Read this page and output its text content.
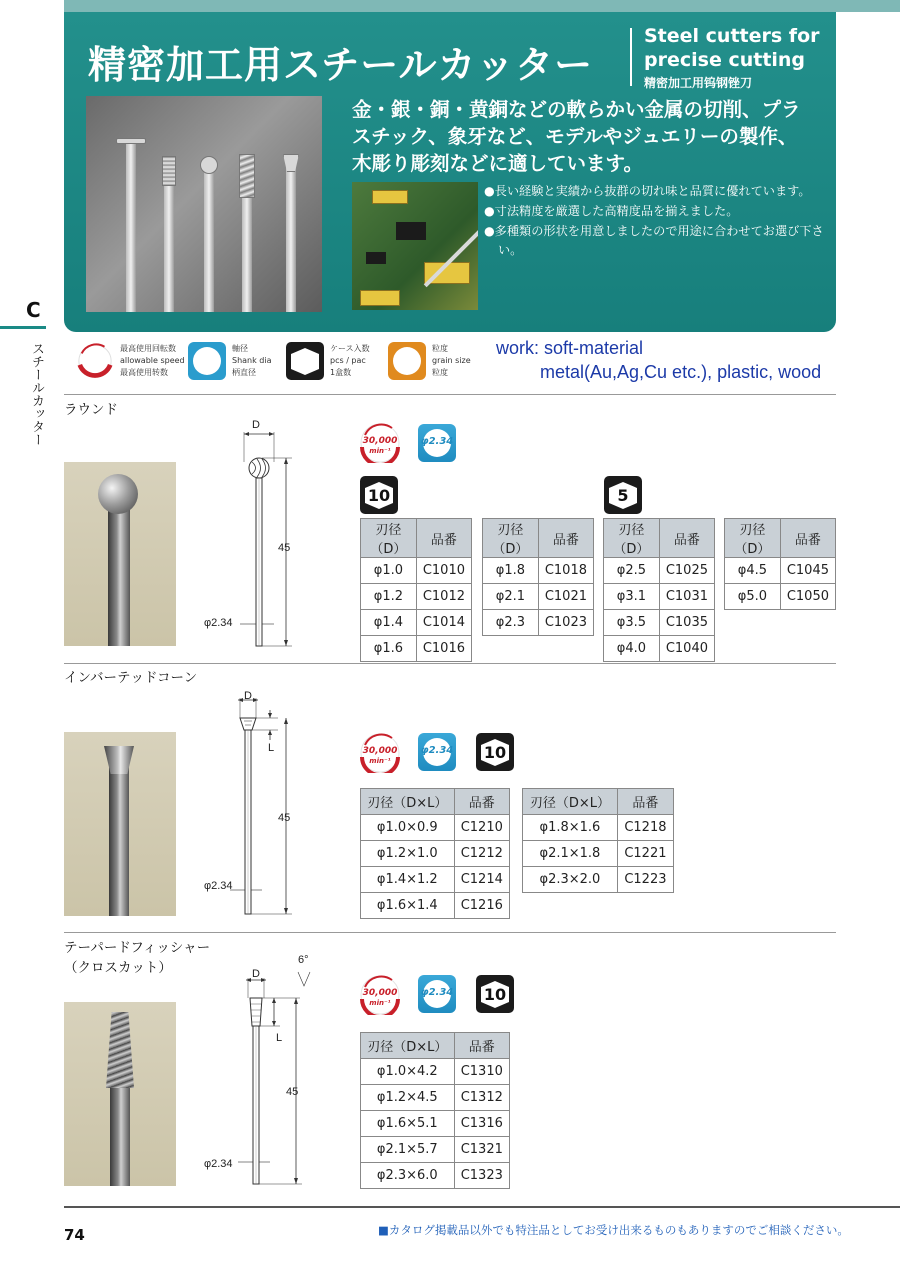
精密加工用スチールカッター
Steel cutters for
precise cutting
精密加工用钨钢锉刀
金・銀・銅・黄銅などの軟らかい金属の切削、プラ
スチック、象牙など、モデルやジュエリーの製作、
木彫り彫刻などに適しています。
●長い経験と実績から抜群の切れ味と品質に優れています。
●寸法精度を厳選した高精度品を揃えました。
●多種類の形状を用意しましたので用途に合わせてお選び下さい。
C
スチールカッター	最高使用回転数
allowable speed
最高使用转数
軸径
Shank dia
柄直径
ケース入数
pcs / pac
1盒数
粒度
grain size
粒度
work: soft-material
metal(Au,Ag,Cu etc.), plastic, wood
ラウンド
D
45
φ2.34
30,000
min⁻¹
φ2.34
10	5
刃径（D）	品番
φ1.0	C1010
φ1.2	C1012
φ1.4	C1014
φ1.6	C1016
刃径（D）	品番
φ1.8	C1018
φ2.1	C1021
φ2.3	C1023
刃径（D）	品番
φ2.5	C1025
φ3.1	C1031
φ3.5	C1035
φ4.0	C1040
刃径（D）	品番
φ4.5	C1045
φ5.0	C1050
インバーテッドコーン
D
L
45
φ2.34
30,000
min⁻¹
φ2.34	10
刃径（D×L）	品番
φ1.0×0.9	C1210
φ1.2×1.0	C1212
φ1.4×1.2	C1214
φ1.6×1.4	C1216
刃径（D×L）	品番
φ1.8×1.6	C1218
φ2.1×1.8	C1221
φ2.3×2.0	C1223
テーパードフィッシャー
（クロスカット）	6°
D
L
45
φ2.34
30,000
min⁻¹
φ2.34	10
刃径（D×L）	品番
φ1.0×4.2	C1310
φ1.2×4.5	C1312
φ1.6×5.1	C1316
φ2.1×5.7	C1321
φ2.3×6.0	C1323
74	■カタログ掲載品以外でも特注品としてお受け出来るものもありますのでご相談ください。
